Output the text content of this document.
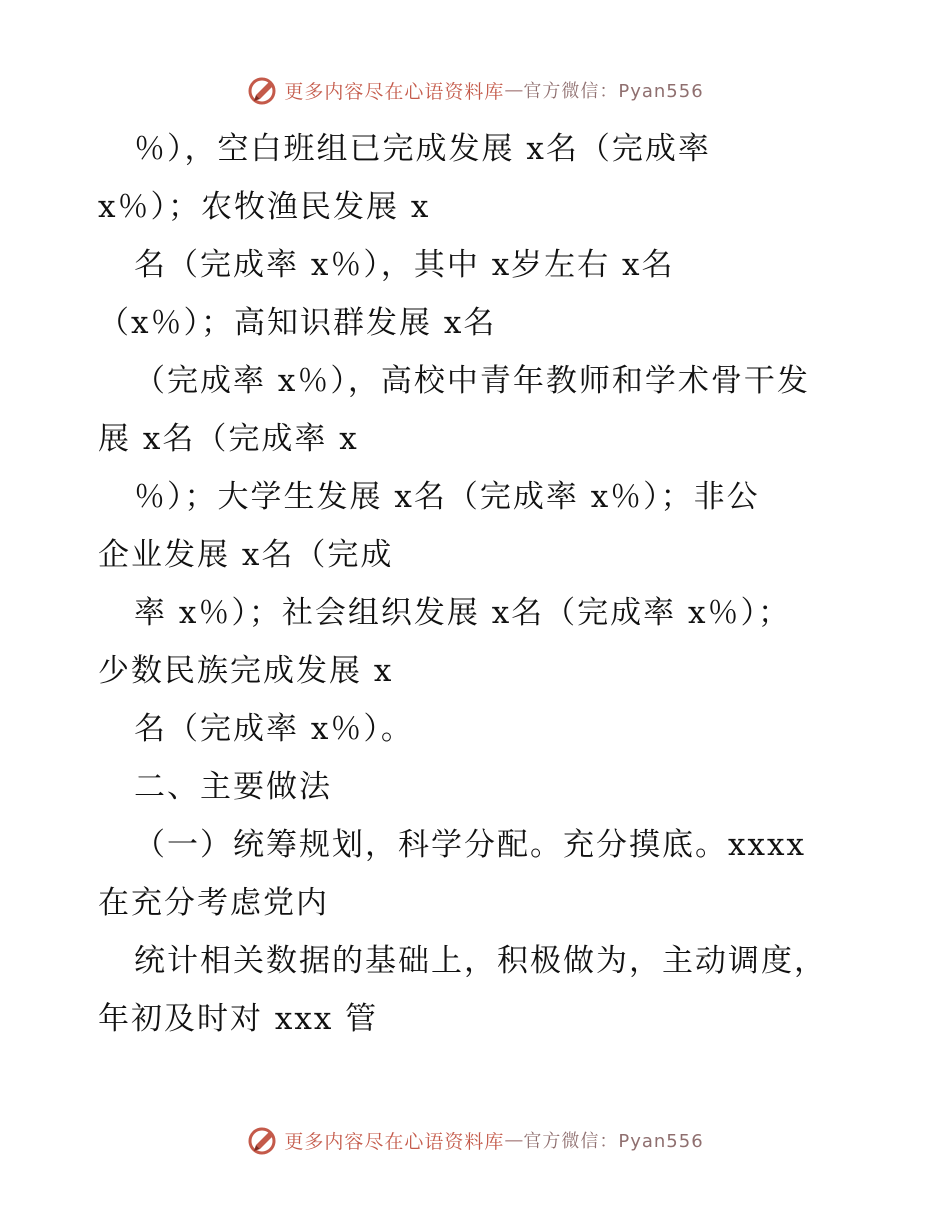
更多内容尽在心语资料库 — 官方微信：Pyan556
％），空白班组已完成发展 x名（完成率
x％）；农牧渔民发展 x
名（完成率 x％），其中 x岁左右 x名
（x％）；高知识群发展 x名
（完成率 x％），高校中青年教师和学术骨干发
展 x名（完成率 x
％）；大学生发展 x名（完成率 x％）；非公
企业发展 x名（完成
率 x％）；社会组织发展 x名（完成率 x％）；
少数民族完成发展 x
名（完成率 x％）。
二、主要做法
（一）统筹规划，科学分配。充分摸底。xxxx
在充分考虑党内
统计相关数据的基础上，积极做为，主动调度，
年初及时对 xxx 管
更多内容尽在心语资料库 — 官方微信：Pyan556
